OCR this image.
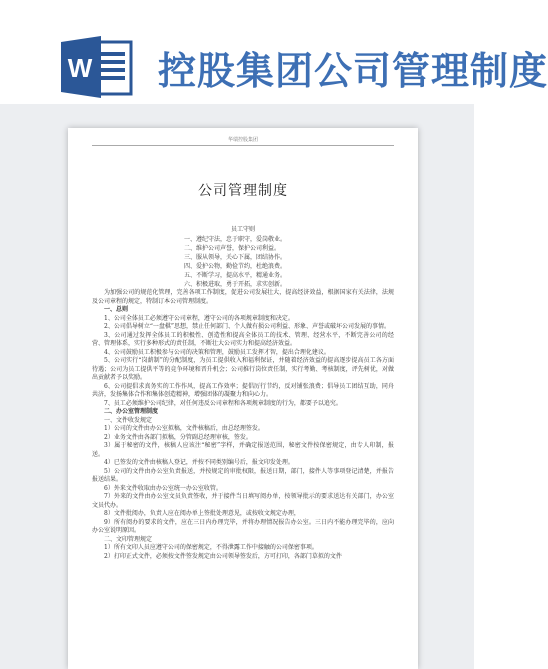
W 控股集团公司管理制度
华瑞控股集团
公司管理制度
员工守则
一、遵纪守法，忠于职守，爱岗敬业。
二、维护公司声誉，保护公司利益。
三、服从领导，关心下属，团结协作。
四、爱护公物，勤俭节约，杜绝浪费。
五、不断学习，提高水平，精通业务。
六、积极进取，勇于开拓，求实创新。

为加强公司的规范化管理，完善各项工作制度，促进公司发展壮大，提高经济效益，根据国家有关法律，法规及公司章程的规定，特制订本公司管理制度。

一、总则

1、公司全体员工必须遵守公司章程，遵守公司的各项规章制度和决定。

2、公司倡导树立“一盘棋”思想，禁止任何部门、个人做有损公司利益、形象、声誉或破坏公司发展的事情。

3、公司通过发挥全体员工的积极性、创造性和提高全体员工的技术、管理、经营水平，不断完善公司的经营、管理体系，实行多种形式的责任制，不断壮大公司实力和提高经济效益。

4、公司鼓励员工积极参与公司的决策和管理，鼓励员工发挥才智，提出合理化建议。

5、公司实行“岗薪制”的分配制度，为员工提供收入和福利保证，并随着经济效益的提高逐步提高员工各方面待遇；公司为员工提供平等的竞争环境和晋升机会；公司推行岗位责任制，实行考勤、考核制度，评先树优，对做出贡献者予以奖励。

6、公司提倡求真务实的工作作风，提高工作效率；提倡厉行节约，反对铺张浪费；倡导员工团结互助，同舟共济，发扬集体合作和集体创造精神，增强团体的凝聚力和向心力。

7、员工必须维护公司纪律，对任何违反公司章程和各项规章制度的行为，都要予以追究。

二、办公室管理制度

一、文件收发规定

1）公司的文件由办公室拟稿，文件核稿后，由总经理签发。

2）业务文件由各部门拟稿，分管副总经理审核，签发。

3）属于秘密的文件，核稿人应该注“秘密”字样，并确定报送范围，秘密文件按保密规定，由专人印制，报送。

4）已签发的文件由核稿人登记，并按不同类别编号后，报文印发处理。

5）公司的文件由办公室负责报送，并按规定的审批权限，报送日期，部门，接件人等事项登记清楚，并报告报送结果。

6）外来文件收取由办公室统一办公室收管。

7）外来的文件由办公室文员负责签收，并于接件当日填写阅办单，按领导批示的要求送达有关部门，办公室文员代办。

8）文件批阅办，负责人应在阅办单上签批处理意见，或按收文规定办理，

9）所有阅办的要求的文件，应在三日内办理完毕，并将办理情况报告办公室。三日内不能办理完毕的，应向办公室说明原因。

二、文印管理规定

1）所有文印人员应遵守公司的保密规定，不得泄露工作中接触的公司保密事项。

2）打印正式文件，必须按文件签发规定由公司领导签发后，方可打印，各部门草拟的文件
